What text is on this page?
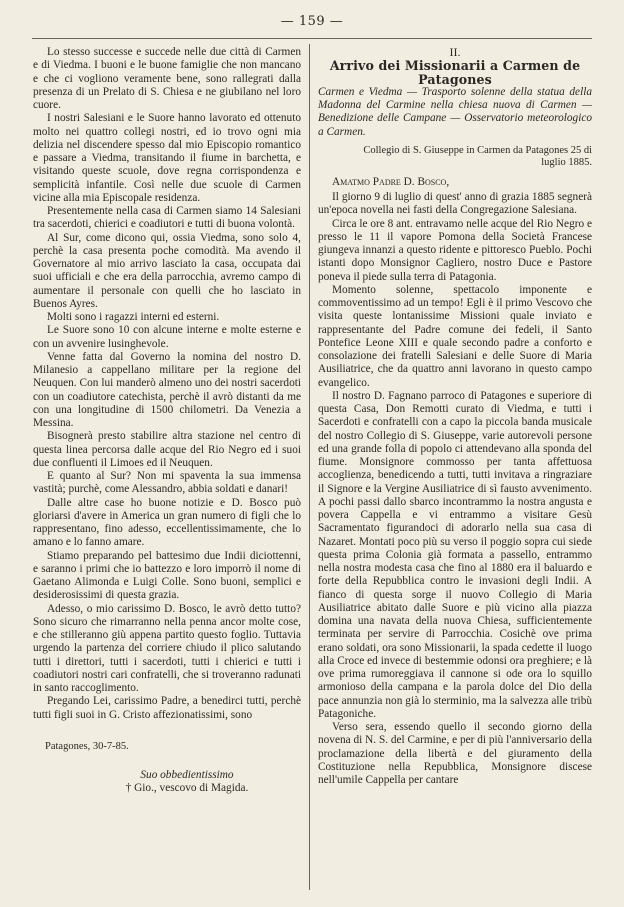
— 159 —

Lo stesso successe e succede nelle due città di Carmen e di Viedma. I buoni e le buone famiglie che non mancano e che ci vogliono veramente bene, sono rallegrati dalla presenza di un Prelato di S. Chiesa e ne giubilano nel loro cuore.

I nostri Salesiani e le Suore hanno lavorato ed ottenuto molto nei quattro collegi nostri, ed io trovo ogni mia delizia nel discendere spesso dal mio Episcopio romantico e passare a Viedma, transitando il fiume in barchetta, e visitando queste scuole, dove regna corrispondenza e semplicità infantile. Così nelle due scuole di Carmen vicine alla mia Episcopale residenza.

Presentemente nella casa di Carmen siamo 14 Salesiani tra sacerdoti, chierici e coadiutori e tutti di buona volontà.

Al Sur, come dicono qui, ossia Viedma, sono solo 4, perchè la casa presenta poche comodità. Ma avendo il Governatore al mio arrivo lasciato la casa, occupata dai suoi ufficiali e che era della parrocchia, avremo campo di aumentare il personale con quelli che ho lasciato in Buenos Ayres.

Molti sono i ragazzi interni ed esterni.

Le Suore sono 10 con alcune interne e molte esterne e con un avvenire lusinghevole.

Venne fatta dal Governo la nomina del nostro D. Milanesio a cappellano militare per la regione del Neuquen. Con lui manderò almeno uno dei nostri sacerdoti con un coadiutore catechista, perchè il avrò distanti da me con una longitudine di 1500 chilometri. Da Venezia a Messina.

Bisognerà presto stabilire altra stazione nel centro di questa linea percorsa dalle acque del Rio Negro ed i suoi due confluenti il Limoes ed il Neuquen.

E quanto al Sur? Non mi spaventa la sua immensa vastità; purchè, come Alessandro, abbia soldati e danari!

Dalle altre case ho buone notizie e D. Bosco può gloriarsi d'avere in America un gran numero di figli che lo rappresentano, fino adesso, eccellentissimamente, che lo amano e lo fanno amare.

Stiamo preparando pel battesimo due Indii diciottenni, e saranno i primi che io battezzo e loro imporrò il nome di Gaetano Alimonda e Luigi Colle. Sono buoni, semplici e desiderosissimi di questa grazia.

Adesso, o mio carissimo D. Bosco, le avrò detto tutto? Sono sicuro che rimarranno nella penna ancor molte cose, e che stilleranno giù appena partito questo foglio. Tuttavia urgendo la partenza del corriere chiudo il plico salutando tutti i direttori, tutti i sacerdoti, tutti i chierici e tutti i coadiutori nostri cari confratelli, che si troveranno radunati in santo raccoglimento.

Pregando Lei, carissimo Padre, a benedirci tutti, perchè tutti figli suoi in G. Cristo affezionatissimi, sono

Patagones, 30-7-85.

Suo obbedientissimo

† Gio., vescovo di Magida.

II.

Arrivo dei Missionarii a Carmen de Patagones

Carmen e Viedma — Trasporto solenne della statua della Madonna del Carmine nella chiesa nuova di Carmen — Benedizione delle Campane — Osservatorio meteorologico a Carmen.

Collegio di S. Giuseppe in Carmen da Patagones 25 di luglio 1885.

Amatmo Padre D. Bosco,

Il giorno 9 di luglio di quest' anno di grazia 1885 segnerà un'epoca novella nei fasti della Congregazione Salesiana.

Circa le ore 8 ant. entravamo nelle acque del Rio Negro e presso le 11 il vapore Pomona della Società Francese giungeva innanzi a questo ridente e pittoresco Pueblo. Pochi istanti dopo Monsignor Cagliero, nostro Duce e Pastore poneva il piede sulla terra di Patagonia.

Momento solenne, spettacolo imponente e commoventissimo ad un tempo! Egli è il primo Vescovo che visita queste lontanissime Missioni quale inviato e rappresentante del Padre comune dei fedeli, il Santo Pontefice Leone XIII e quale secondo padre a conforto e consolazione dei fratelli Salesiani e delle Suore di Maria Ausiliatrice, che da quattro anni lavorano in questo campo evangelico.

Il nostro D. Fagnano parroco di Patagones e superiore di questa Casa, Don Remotti curato di Viedma, e tutti i Sacerdoti e confratelli con a capo la piccola banda musicale del nostro Collegio di S. Giuseppe, varie autorevoli persone ed una grande folla di popolo ci attendevano alla sponda del fiume. Monsignore commosso per tanta affettuosa accoglienza, benedicendo a tutti, tutti invitava a ringraziare il Signore e la Vergine Ausiliatrice di sì fausto avvenimento. A pochi passi dallo sbarco incontrammo la nostra angusta e povera Cappella e vi entrammo a visitare Gesù Sacramentato figurandoci di adorarlo nella sua casa di Nazaret. Montati poco più su verso il poggio sopra cui siede questa prima Colonia già formata a passello, entrammo nella nostra modesta casa che fino al 1880 era il baluardo e forte della Repubblica contro le invasioni degli Indii. A fianco di questa sorge il nuovo Collegio di Maria Ausiliatrice abitato dalle Suore e più vicino alla piazza domina una navata della nuova Chiesa, sufficientemente terminata per servire di Parrocchia. Cosichè ove prima erano soldati, ora sono Missionarii, la spada cedette il luogo alla Croce ed invece di bestemmie odonsi ora preghiere; e là ove prima rumoreggiava il cannone si ode ora lo squillo armonioso della campana e la parola dolce del Dio della pace annunzia non già lo sterminio, ma la salvezza alle tribù Patagoniche.

Verso sera, essendo quello il secondo giorno della novena di N. S. del Carmine, e per di più l'anniversario della proclamazione della libertà e del giuramento della Costituzione nella Repubblica, Monsignore discese nell'umile Cappella per cantare
